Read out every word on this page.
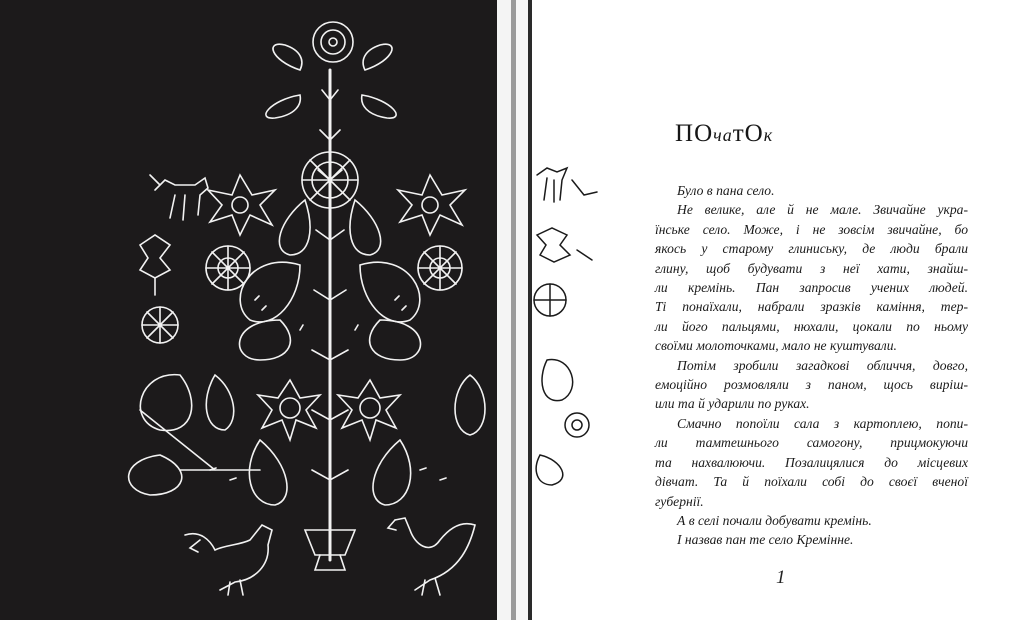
ПОчатОк
Було в пана село.
Не велике, але й не мале. Звичайне укра-
їнське село. Може, і не зовсім звичайне, бо
якось у старому глиниську, де люди брали
глину, щоб будувати з неї хати, знайш-
ли кремінь. Пан запросив учених людей.
Ті понаїхали, набрали зразків каміння, тер-
ли його пальцями, нюхали, цокали по ньому
своїми молоточками, мало не куштували.
Потім зробили загадкові обличчя, довго,
емоційно розмовляли з паном, щось виріш-
или та й ударили по руках.
Смачно попоїли сала з картоплею, попи-
ли тамтешнього самогону, прицмокуючи
та нахвалюючи. Позалицялися до місцевих
дівчат. Та й поїхали собі до своєї вченої
губернії.
А в селі почали добувати кремінь.
І назвав пан те село Кремінне.
1
